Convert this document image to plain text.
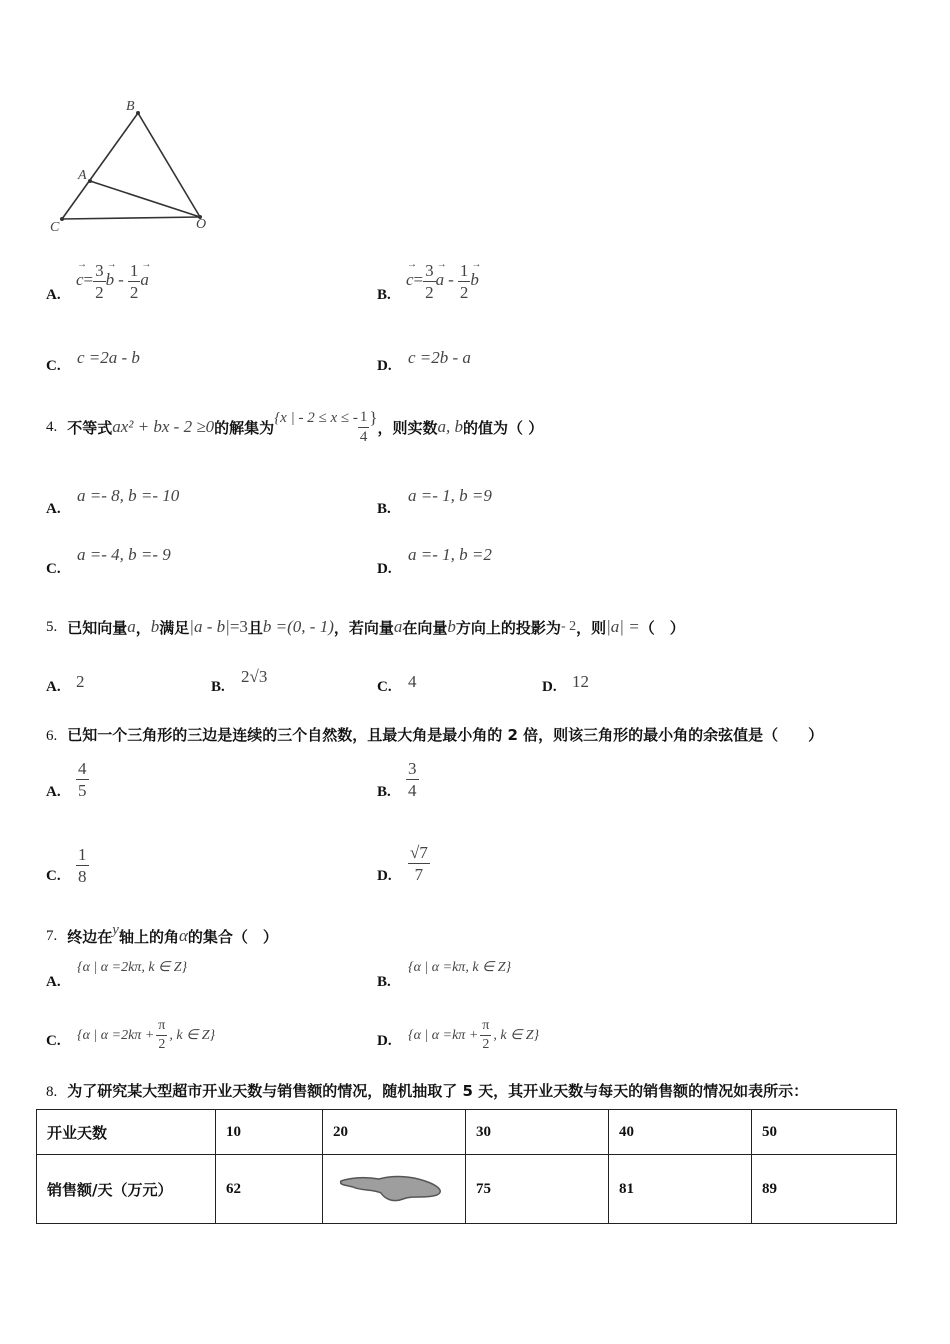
B
A
C	O
A.
→ $c= \frac{3}{2} \to b - \frac{1}{2} \to a$
B.
→ $c= \frac{3}{2} \to a - \frac{1}{2} \to b$
C. c =2a - b	D. c =2b - a
4. 不等式 ax² + bx - 2 ≥0 的解集为
{x | - 2 ≤ x ≤ - $\frac{1}{4}$ }
，则实数 a, b 的值为（ ）
A.
a =- 8, b =- 10
B.
a =- 1, b =9
C.
a =- 4, b =- 9
D.
a =- 1, b =2
5. 已知向量 a ， b 满足 |a - b| =3 且 b =(0, - 1) ，若向量 a 在向量 b 方向上的投影为 - 2 ，则 |a| = （　）
A. 2	B.
2√3
C. 4	D. 12
6. 已知一个三角形的三边是连续的三个自然数，且最大角是最小角的 2 倍，则该三角形的最小角的余弦值是（　　）
A. $\frac{4}{5}$	B. $\frac{3}{4}$
C. $\frac{1}{8}$	D. $\frac{√7}{7}$
7. 终边在 y 轴上的角 α 的集合（　）
A.
{α | α =2kπ, k ∈ Z}
B.
{α | α =kπ, k ∈ Z}
C. {α | $\alpha =2k\pi + \frac{\pi}{2}$ , k ∈ Z}	D. {α | $\alpha =k\pi + \frac{\pi}{2}$ , k ∈ Z}
8. 为了研究某大型超市开业天数与销售额的情况，随机抽取了 5 天，其开业天数与每天的销售额的情况如表所示：
开业天数	10	20	30	40	50
销售额/天（万元）	62		75	81	89
